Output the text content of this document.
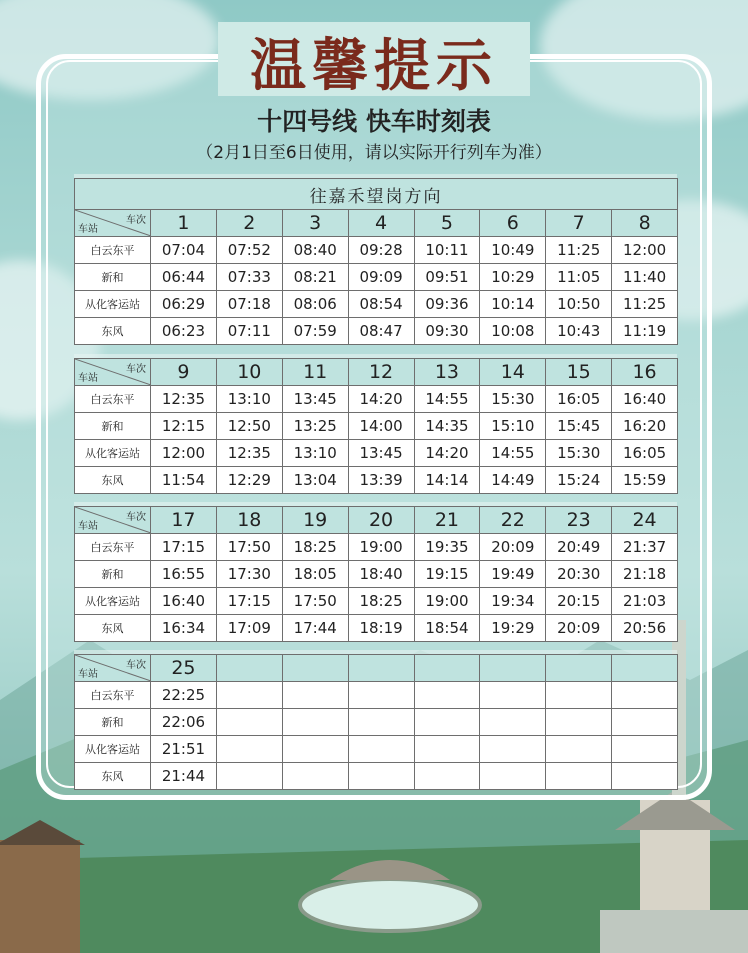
温馨提示
十四号线 快车时刻表
（2月1日至6日使用，请以实际开行列车为准）
往嘉禾望岗方向								

车次
车站	1	2	3	4	5	6	7	8
白云东平	07:04	07:52	08:40	09:28	10:11	10:49	11:25	12:00
新和	06:44	07:33	08:21	09:09	09:51	10:29	11:05	11:40
从化客运站	06:29	07:18	08:06	08:54	09:36	10:14	10:50	11:25
东风	06:23	07:11	07:59	08:47	09:30	10:08	10:43	11:19
车次
车站	9	10	11	12	13	14	15	16
白云东平	12:35	13:10	13:45	14:20	14:55	15:30	16:05	16:40
新和	12:15	12:50	13:25	14:00	14:35	15:10	15:45	16:20
从化客运站	12:00	12:35	13:10	13:45	14:20	14:55	15:30	16:05
东风	11:54	12:29	13:04	13:39	14:14	14:49	15:24	15:59
车次
车站	17	18	19	20	21	22	23	24
白云东平	17:15	17:50	18:25	19:00	19:35	20:09	20:49	21:37
新和	16:55	17:30	18:05	18:40	19:15	19:49	20:30	21:18
从化客运站	16:40	17:15	17:50	18:25	19:00	19:34	20:15	21:03
东风	16:34	17:09	17:44	18:19	18:54	19:29	20:09	20:56
车次
车站	25							
白云东平	22:25							
新和	22:06							
从化客运站	21:51							
东风	21:44							
